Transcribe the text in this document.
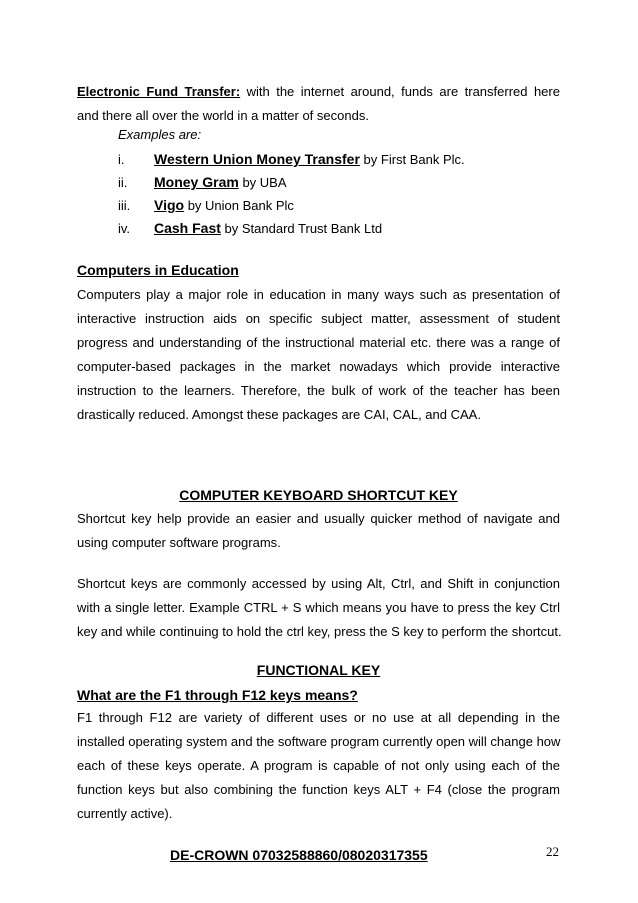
Electronic Fund Transfer: with the internet around, funds are transferred here
and there all over the world in a matter of seconds.
Examples are:
i. Western Union Money Transfer by First Bank Plc.
ii. Money Gram by UBA
iii. Vigo by Union Bank Plc
iv. Cash Fast by Standard Trust Bank Ltd
Computers in Education
Computers play a major role in education in many ways such as presentation of
interactive instruction aids on specific subject matter, assessment of student
progress and understanding of the instructional material etc. there was a range of
computer-based packages in the market nowadays which provide interactive
instruction to the learners. Therefore, the bulk of work of the teacher has been
drastically reduced. Amongst these packages are CAI, CAL, and CAA.
COMPUTER KEYBOARD SHORTCUT KEY
Shortcut key help provide an easier and usually quicker method of navigate and
using computer software programs.
Shortcut keys are commonly accessed by using Alt, Ctrl, and Shift in conjunction
with a single letter. Example CTRL + S which means you have to press the key Ctrl
key and while continuing to hold the ctrl key, press the S key to perform the shortcut.
FUNCTIONAL KEY
What are the F1 through F12 keys means?
F1 through F12 are variety of different uses or no use at all depending in the
installed operating system and the software program currently open will change how
each of these keys operate. A program is capable of not only using each of the
function keys but also combining the function keys ALT + F4 (close the program
currently active).
22
DE-CROWN 07032588860/08020317355
